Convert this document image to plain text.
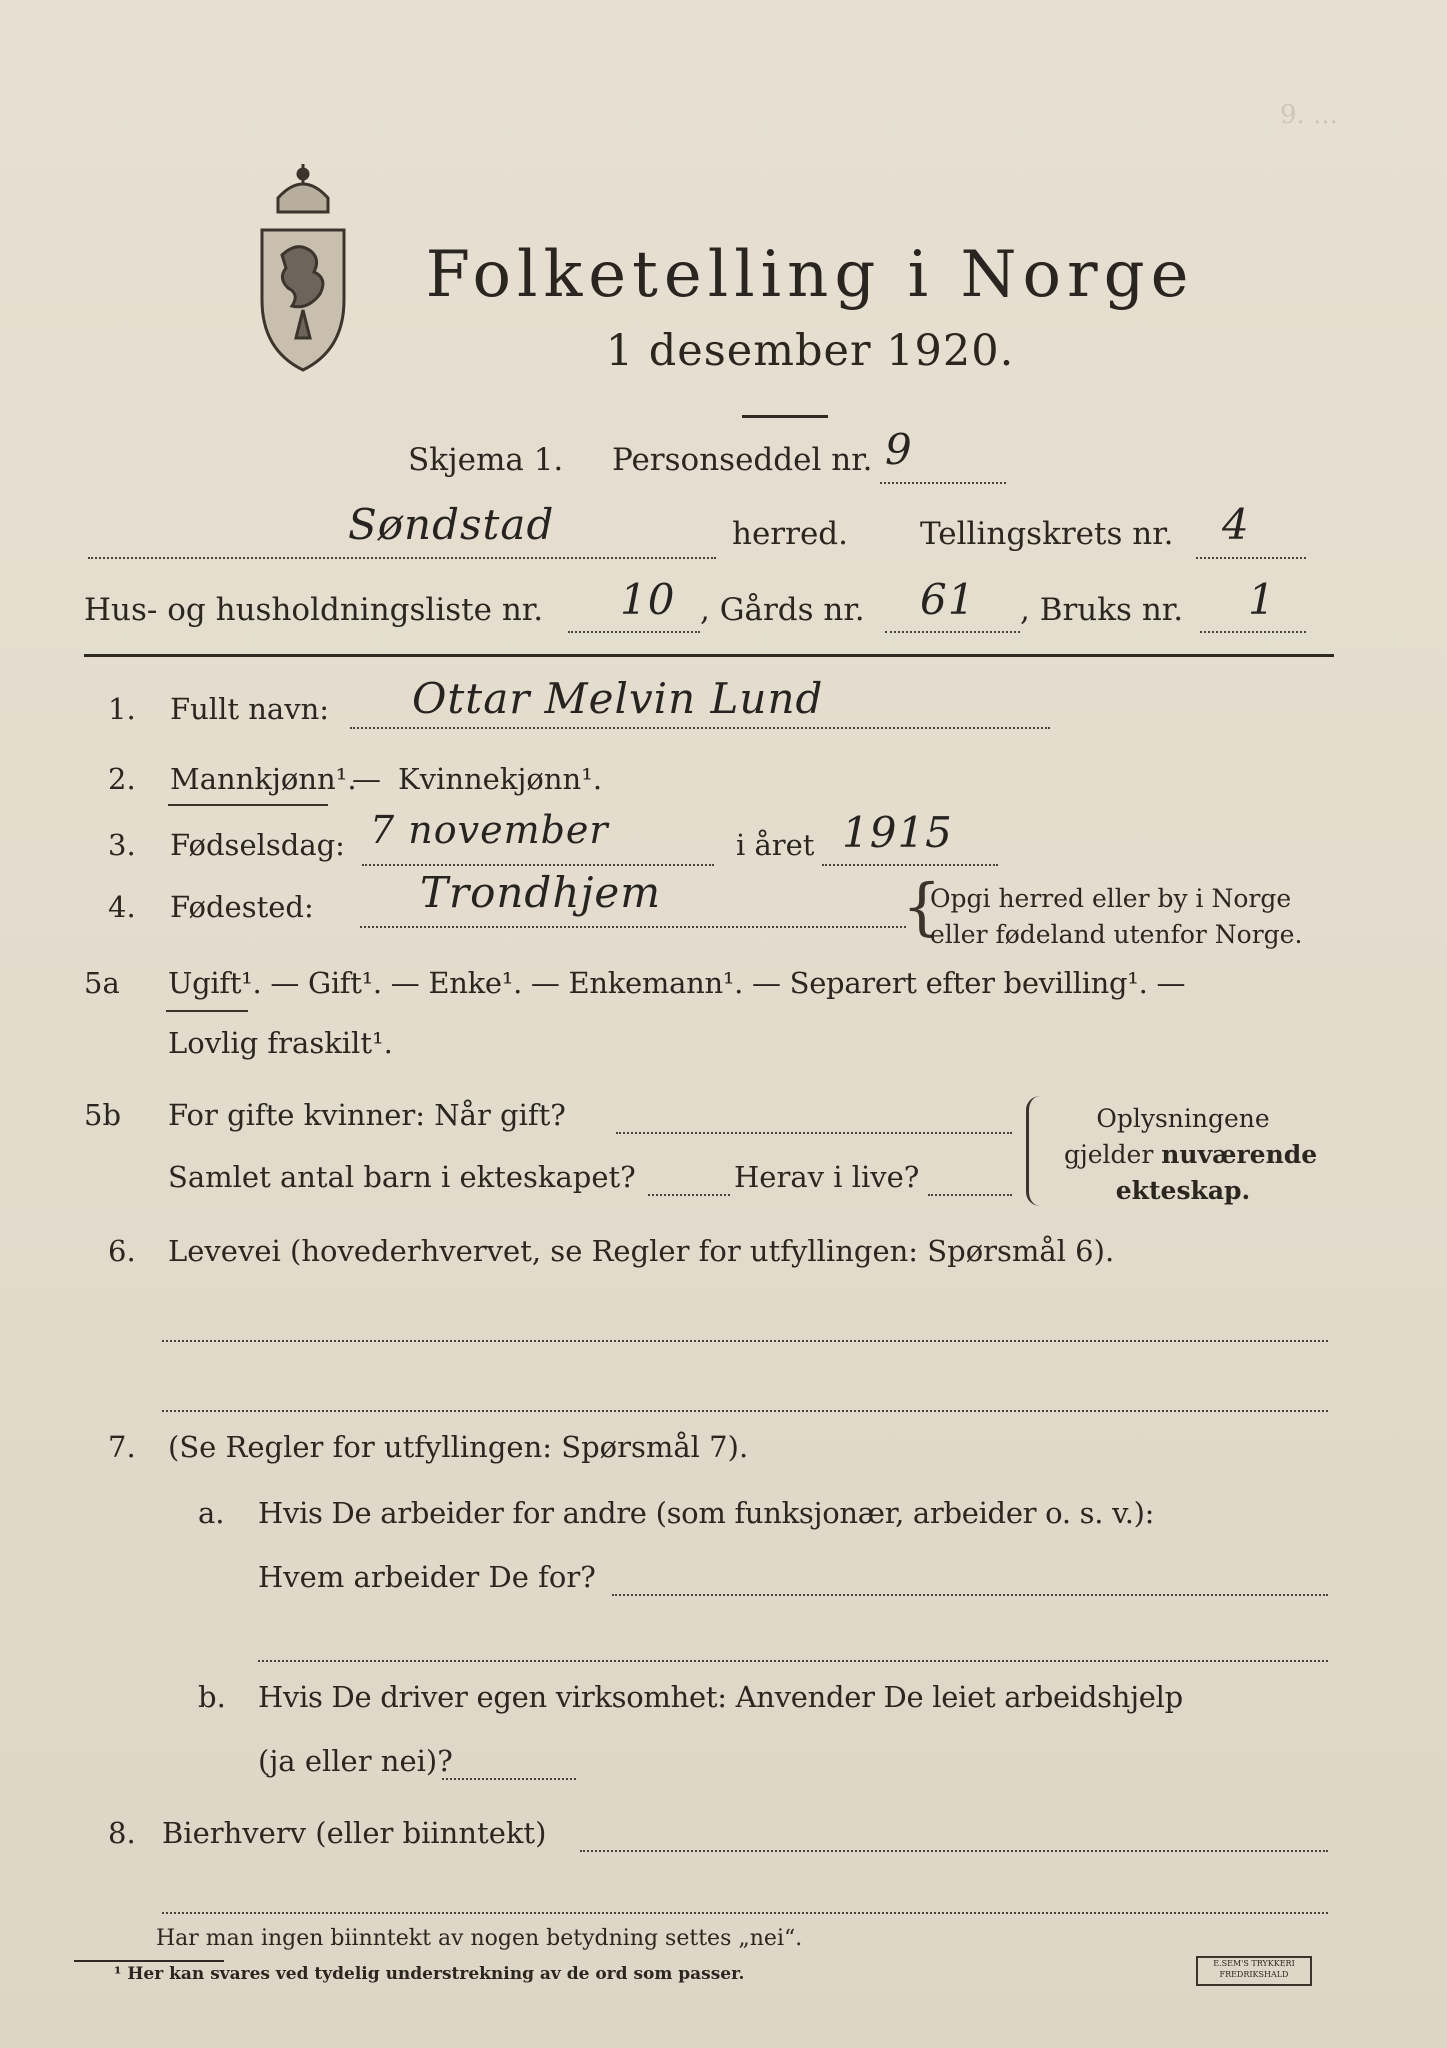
9. ...
Folketelling i Norge
1 desember 1920.
Skjema 1. Personseddel nr. 9
Søndstad	herred. Tellingskrets nr. 4
Hus- og husholdningsliste nr. 10 , Gårds nr. 61 , Bruks nr. 1
1. Fullt navn: Ottar Melvin Lund
2. Mannkjønn¹.
— Kvinnekjønn¹.
3. Fødselsdag: 7 november	i året 1915
4. Fødested:	Trondhjem	{
Opgi herred eller by i Norge
eller fødeland utenfor Norge.
5a Ugift¹. — Gift¹. — Enke¹. — Enkemann¹. — Separert efter bevilling¹. —
Lovlig fraskilt¹.
5b For gifte kvinner: Når gift?
Samlet antal barn i ekteskapet?	Herav i live?
Oplysningene
gjelder nuværende
ekteskap.
6. Levevei (hovederhvervet, se Regler for utfyllingen: Spørsmål 6).
7. (Se Regler for utfyllingen: Spørsmål 7).
a. Hvis De arbeider for andre (som funksjonær, arbeider o. s. v.):
Hvem arbeider De for?
b. Hvis De driver egen virksomhet: Anvender De leiet arbeidshjelp
(ja eller nei)?
8. Bierhverv (eller biinntekt)
Har man ingen biinntekt av nogen betydning settes „nei“.
¹ Her kan svares ved tydelig understrekning av de ord som passer.
E.SEM'S TRYKKERI FREDRIKSHALD
